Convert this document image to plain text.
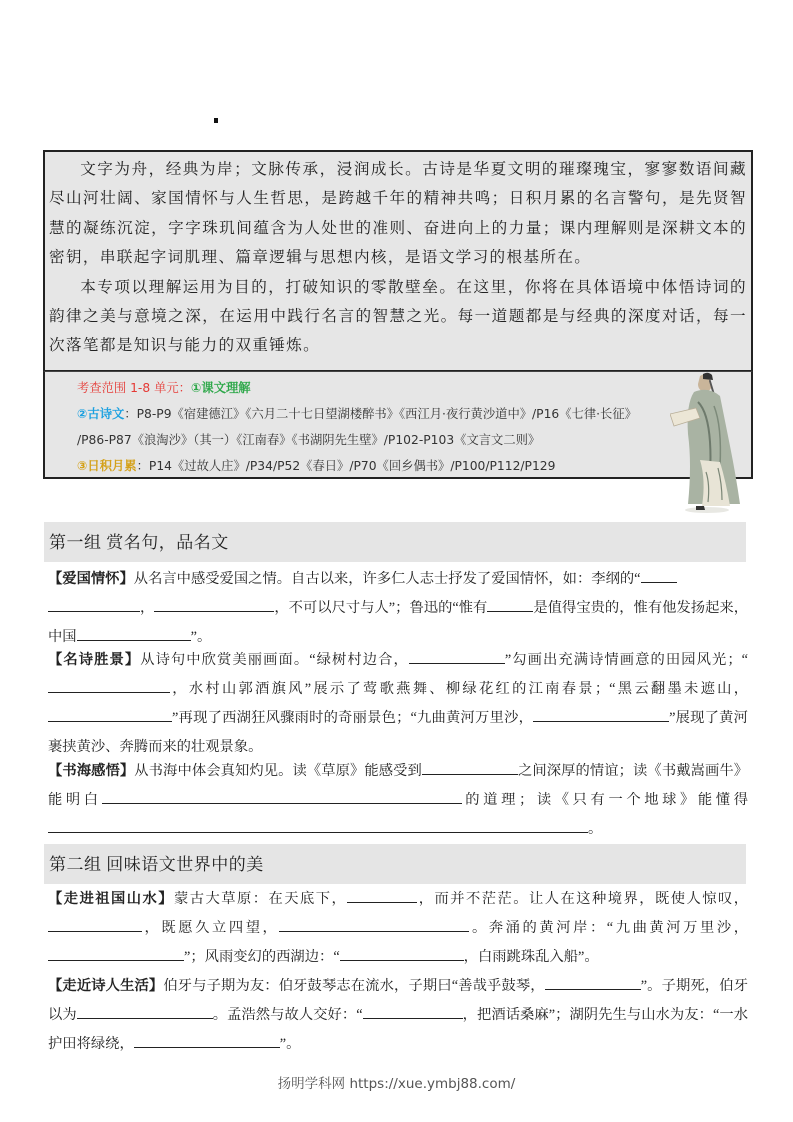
文字为舟，经典为岸；文脉传承，浸润成长。古诗是华夏文明的璀璨瑰宝，寥寥数语间藏尽山河壮阔、家国情怀与人生哲思，是跨越千年的精神共鸣；日积月累的名言警句，是先贤智慧的凝练沉淀，字字珠玑间蕴含为人处世的准则、奋进向上的力量；课内理解则是深耕文本的密钥，串联起字词肌理、篇章逻辑与思想内核，是语文学习的根基所在。

本专项以理解运用为目的，打破知识的零散壁垒。在这里，你将在具体语境中体悟诗词的韵律之美与意境之深，在运用中践行名言的智慧之光。每一道题都是与经典的深度对话，每一次落笔都是知识与能力的双重锤炼。

考查范围 1-8 单元：①课文理解
②古诗文：P8-P9《宿建德江》《六月二十七日望湖楼醉书》《西江月·夜行黄沙道中》/P16《七律·长征》
/P86-P87《浪淘沙》（其一）《江南春》《书湖阴先生壁》/P102-P103《文言文二则》
③日积月累：P14《过故人庄》/P34/P52《春日》/P70《回乡偶书》/P100/P112/P129
第一组 赏名句，品名文
【爱国情怀】从名言中感受爱国之情。自古以来，许多仁人志士抒发了爱国情怀，如：李纲的“
，	，不可以尺寸与人”；鲁迅的“惟有	是值得宝贵的，惟有他发扬起来，中国	”。
【名诗胜景】从诗句中欣赏美丽画面。“绿树村边合，	”勾画出充满诗情画意的田园风光；“，水村山郭酒旗风”展示了莺歌燕舞、柳绿花红的江南春景；“黑云翻墨未遮山，”再现了西湖狂风骤雨时的奇丽景色；“九曲黄河万里沙，	”展现了黄河裹挟黄沙、奔腾而来的壮观景象。
【书海感悟】从书海中体会真知灼见。读《草原》能感受到	之间深厚的情谊；读《书戴嵩画牛》能明白	的道理；读《只有一个地球》能懂得。
第二组 回味语文世界中的美
【走进祖国山水】蒙古大草原：在天底下，	，而并不茫茫。让人在这种境界，既使人惊叹，，既愿久立四望，	。奔涌的黄河岸：“九曲黄河万里沙，”；风雨变幻的西湖边：“	，白雨跳珠乱入船”。
【走近诗人生活】伯牙与子期为友：伯牙鼓琴志在流水，子期曰“善哉乎鼓琴，	”。子期死，伯牙以为	。孟浩然与故人交好：“	，把酒话桑麻”；湖阴先生与山水为友：“一水护田将绿绕，	”。
扬明学科网 https://xue.ymbj88.com/
